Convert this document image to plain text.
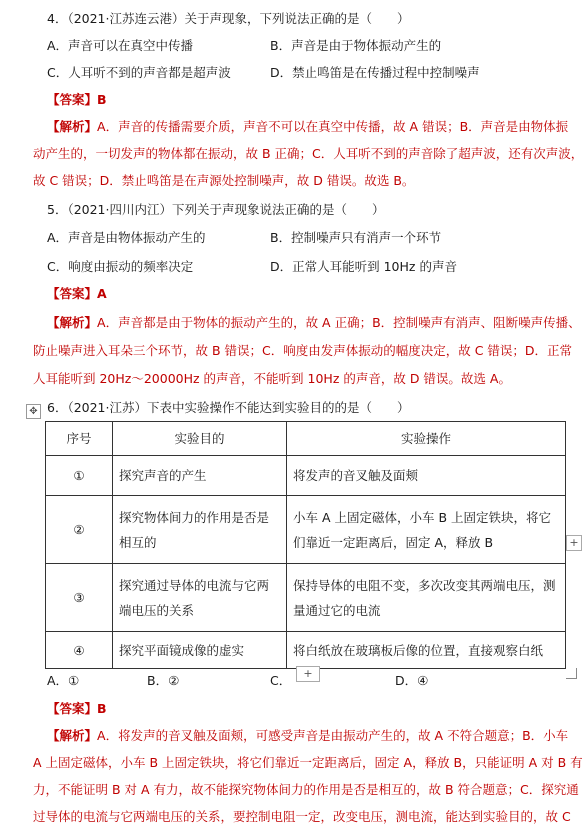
4．（2021·江苏连云港）关于声现象，下列说法正确的是（　　）
A．声音可以在真空中传播	B．声音是由于物体振动产生的
C．人耳听不到的声音都是超声波	D．禁止鸣笛是在传播过程中控制噪声
【答案】B
【解析】A．声音的传播需要介质，声音不可以在真空中传播，故 A 错误；B．声音是由物体振
动产生的，一切发声的物体都在振动，故 B 正确；C．人耳听不到的声音除了超声波，还有次声波，
故 C 错误；D．禁止鸣笛是在声源处控制噪声，故 D 错误。故选 B。
5．（2021·四川内江）下列关于声现象说法正确的是（　　）
A．声音是由物体振动产生的	B．控制噪声只有消声一个环节
C．响度由振动的频率决定	D．正常人耳能听到 10Hz 的声音
【答案】A
【解析】A．声音都是由于物体的振动产生的，故 A 正确；B．控制噪声有消声、阻断噪声传播、
防止噪声进入耳朵三个环节，故 B 错误；C．响度由发声体振动的幅度决定，故 C 错误；D．正常
人耳能听到 20Hz～20000Hz 的声音，不能听到 10Hz 的声音，故 D 错误。故选 A。
✥ 6．（2021·江苏）下表中实验操作不能达到实验目的的是（　　）
序号	实验目的	实验操作
①	探究声音的产生	将发声的音叉触及面颊
②	探究物体间力的作用是否是相互的	小车 A 上固定磁体，小车 B 上固定铁块，将它们靠近一定距离后，固定 A，释放 B
③	探究通过导体的电流与它两端电压的关系	保持导体的电阻不变，多次改变其两端电压，测量通过它的电流
④	探究平面镜成像的虚实	将白纸放在玻璃板后像的位置，直接观察白纸
+
+
A．①	B．②	C．	D．④
【答案】B
【解析】A．将发声的音叉触及面颊，可感受声音是由振动产生的，故 A 不符合题意；B．小车
A 上固定磁体，小车 B 上固定铁块，将它们靠近一定距离后，固定 A，释放 B，只能证明 A 对 B 有
力，不能证明 B 对 A 有力，故不能探究物体间力的作用是否是相互的，故 B 符合题意；C．探究通
过导体的电流与它两端电压的关系，要控制电阻一定，改变电压，测电流，能达到实验目的，故 C
